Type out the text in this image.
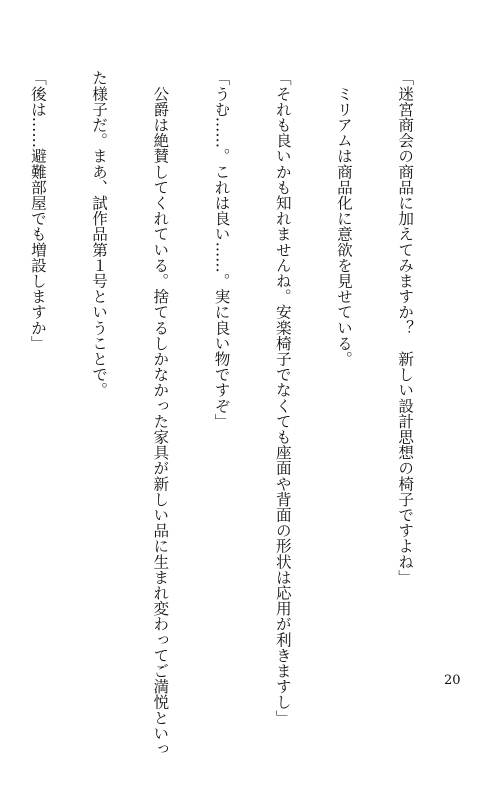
「迷宮商会の商品に加えてみますか？　新しい設計思想の椅子ですよね」

　ミリアムは商品化に意欲を見せている。

「それも良いかも知れませんね。安楽椅子でなくても座面や背面の形状は応用が利きますし」

「うむ……。これは良い……。実に良い物ですぞ」

　公爵は絶賛してくれている。捨てるしかなかった家具が新しい品に生まれ変わってご満悦といっ

た様子だ。まあ、試作品第１号ということで。

「後は……避難部屋でも増設しますか」

20
